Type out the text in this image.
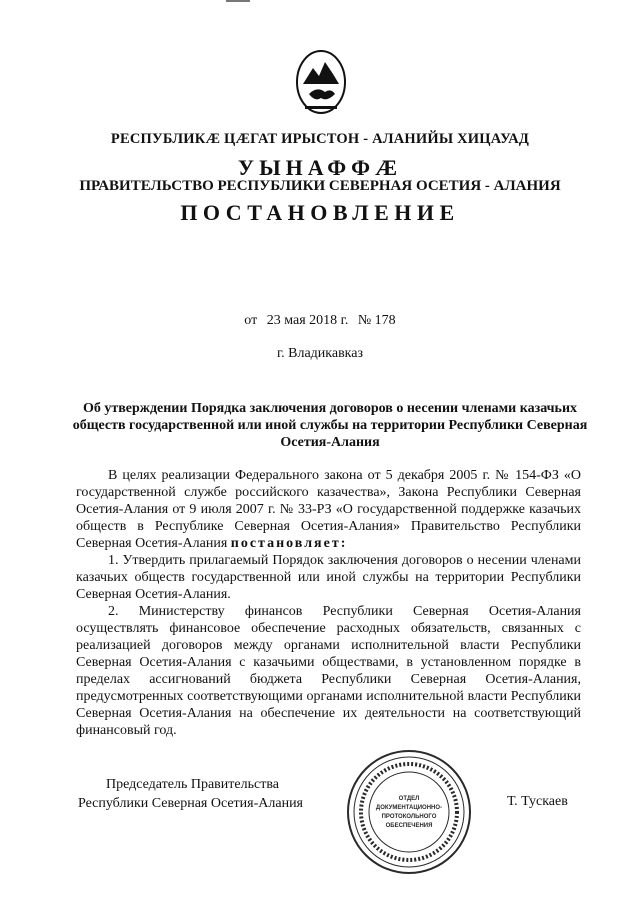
РЕСПУБЛИКӔ ЦӔГАТ ИРЫСТОН - АЛАНИЙЫ ХИЦАУАД
УЫНАФФӔ
ПРАВИТЕЛЬСТВО РЕСПУБЛИКИ СЕВЕРНАЯ ОСЕТИЯ - АЛАНИЯ
ПОСТАНОВЛЕНИЕ
от 23 мая 2018 г. № 178
г. Владикавказ
Об утверждении Порядка заключения договоров о несении членами казачьих обществ государственной или иной службы на территории Республики Северная Осетия-Алания

В целях реализации Федерального закона от 5 декабря 2005 г. № 154-ФЗ «О государственной службе российского казачества», Закона Республики Северная Осетия-Алания от 9 июля 2007 г. № 33-РЗ «О государственной поддержке казачьих обществ в Республике Северная Осетия-Алания» Правительство Республики Северная Осетия-Алания постановляет:

1. Утвердить прилагаемый Порядок заключения договоров о несении членами казачьих обществ государственной или иной службы на территории Республики Северная Осетия-Алания.

2. Министерству финансов Республики Северная Осетия-Алания осуществлять финансовое обеспечение расходных обязательств, связанных с реализацией договоров между органами исполнительной власти Республики Северная Осетия-Алания с казачьими обществами, в установленном порядке в пределах ассигнований бюджета Республики Северная Осетия-Алания, предусмотренных соответствующими органами исполнительной власти Республики Северная Осетия-Алания на обеспечение их деятельности на соответствующий финансовый год.

Председатель Правительства
Республики Северная Осетия-Алания	ОТДЕЛ
ДОКУМЕНТАЦИОННО-
ПРОТОКОЛЬНОГО
ОБЕСПЕЧЕНИЯ
Т. Тускаев
